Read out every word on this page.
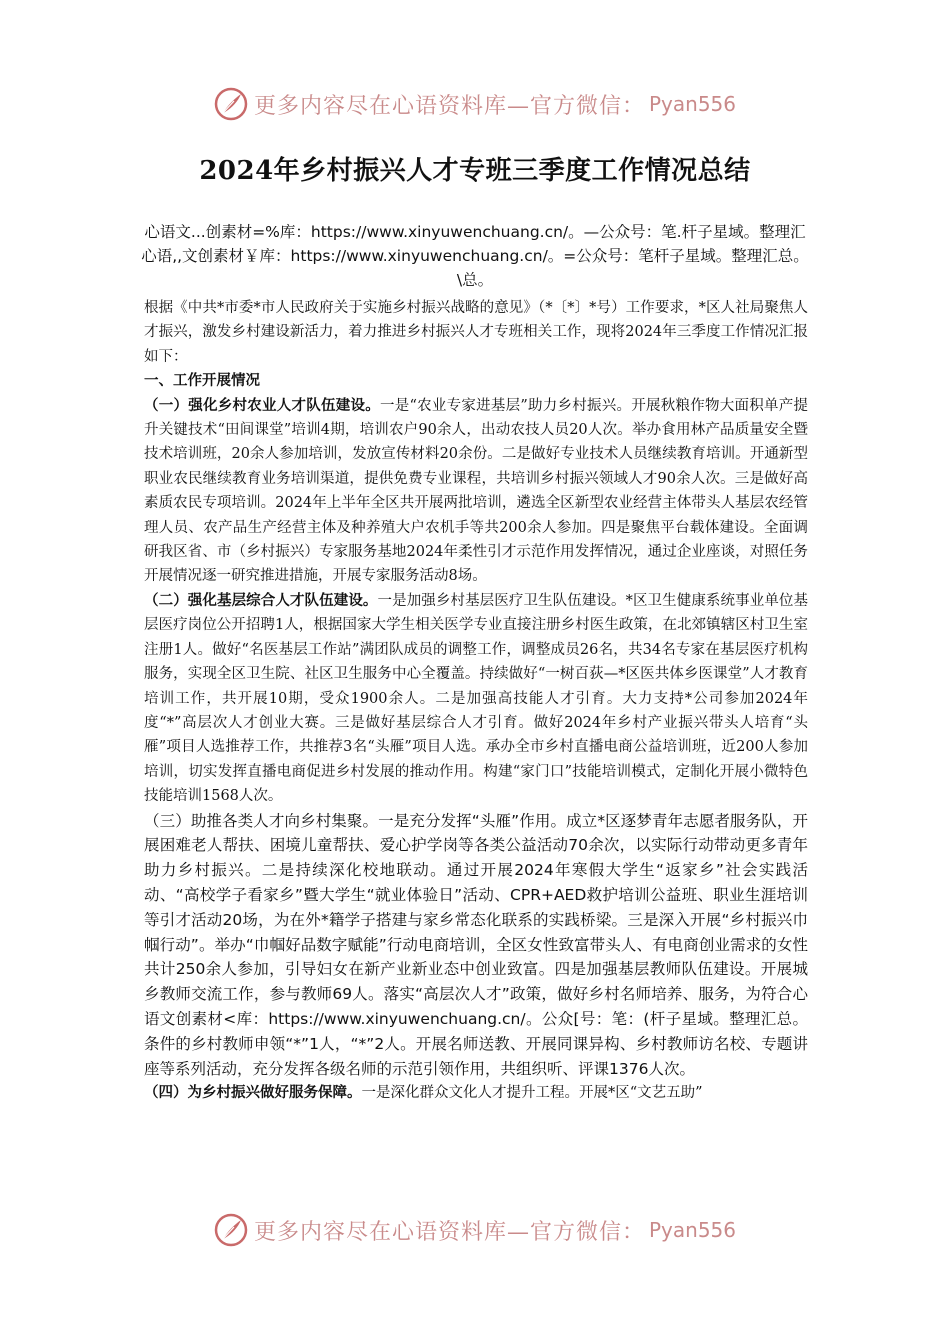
更多内容尽在心语资料库—官方微信： Pyan556
2024年乡村振兴人才专班三季度工作情况总结
心语文...创素材=%库：https://www.xinyuwenchuang.cn/。—公众号：笔.杆子星域。整理汇心语,,文创素材￥库：https://www.xinyuwenchuang.cn/。=公众号：笔杆子星域。整理汇总。\总。

根据《中共*市委*市人民政府关于实施乡村振兴战略的意见》（*〔*〕*号）工作要求，*区人社局聚焦人才振兴，激发乡村建设新活力，着力推进乡村振兴人才专班相关工作，现将2024年三季度工作情况汇报如下：

一、工作开展情况

（一）强化乡村农业人才队伍建设。一是“农业专家进基层”助力乡村振兴。开展秋粮作物大面积单产提升关键技术“田间课堂”培训4期，培训农户90余人，出动农技人员20人次。举办食用林产品质量安全暨技术培训班，20余人参加培训，发放宣传材料20余份。二是做好专业技术人员继续教育培训。开通新型职业农民继续教育业务培训渠道，提供免费专业课程，共培训乡村振兴领域人才90余人次。三是做好高素质农民专项培训。2024年上半年全区共开展两批培训，遴选全区新型农业经营主体带头人基层农经管理人员、农产品生产经营主体及种养殖大户农机手等共200余人参加。四是聚焦平台载体建设。全面调研我区省、市（乡村振兴）专家服务基地2024年柔性引才示范作用发挥情况，通过企业座谈，对照任务开展情况逐一研究推进措施，开展专家服务活动8场。

（二）强化基层综合人才队伍建设。一是加强乡村基层医疗卫生队伍建设。*区卫生健康系统事业单位基层医疗岗位公开招聘1人，根据国家大学生相关医学专业直接注册乡村医生政策，在北郊镇辖区村卫生室注册1人。做好“名医基层工作站”满团队成员的调整工作，调整成员26名，共34名专家在基层医疗机构服务，实现全区卫生院、社区卫生服务中心全覆盖。持续做好“一树百荻—*区医共体乡医课堂”人才教育培训工作，共开展10期，受众1900余人。二是加强高技能人才引育。大力支持*公司参加2024年度“*”高层次人才创业大赛。三是做好基层综合人才引育。做好2024年乡村产业振兴带头人培育“头雁”项目人选推荐工作，共推荐3名“头雁”项目人选。承办全市乡村直播电商公益培训班，近200人参加培训，切实发挥直播电商促进乡村发展的推动作用。构建“家门口”技能培训模式，定制化开展小微特色技能培训1568人次。

（三）助推各类人才向乡村集聚。一是充分发挥“头雁”作用。成立*区逐梦青年志愿者服务队，开展困难老人帮扶、困境儿童帮扶、爱心护学岗等各类公益活动70余次，以实际行动带动更多青年助力乡村振兴。二是持续深化校地联动。通过开展2024年寒假大学生“返家乡”社会实践活动、“高校学子看家乡”暨大学生“就业体验日”活动、CPR+AED救护培训公益班、职业生涯培训等引才活动20场，为在外*籍学子搭建与家乡常态化联系的实践桥梁。三是深入开展“乡村振兴巾帼行动”。举办“巾帼好品数字赋能”行动电商培训，全区女性致富带头人、有电商创业需求的女性共计250余人参加，引导妇女在新产业新业态中创业致富。四是加强基层教师队伍建设。开展城乡教师交流工作，参与教师69人。落实“高层次人才”政策，做好乡村名师培养、服务，为符合心语文创素材<库：https://www.xinyuwenchuang.cn/。公众[号：笔：(杆子星域。整理汇总。条件的乡村教师申领“*”1人，“*”2人。开展名师送教、开展同课异构、乡村教师访名校、专题讲座等系列活动，充分发挥各级名师的示范引领作用，共组织听、评课1376人次。

（四）为乡村振兴做好服务保障。一是深化群众文化人才提升工程。开展*区“文艺五助”

更多内容尽在心语资料库—官方微信： Pyan556
